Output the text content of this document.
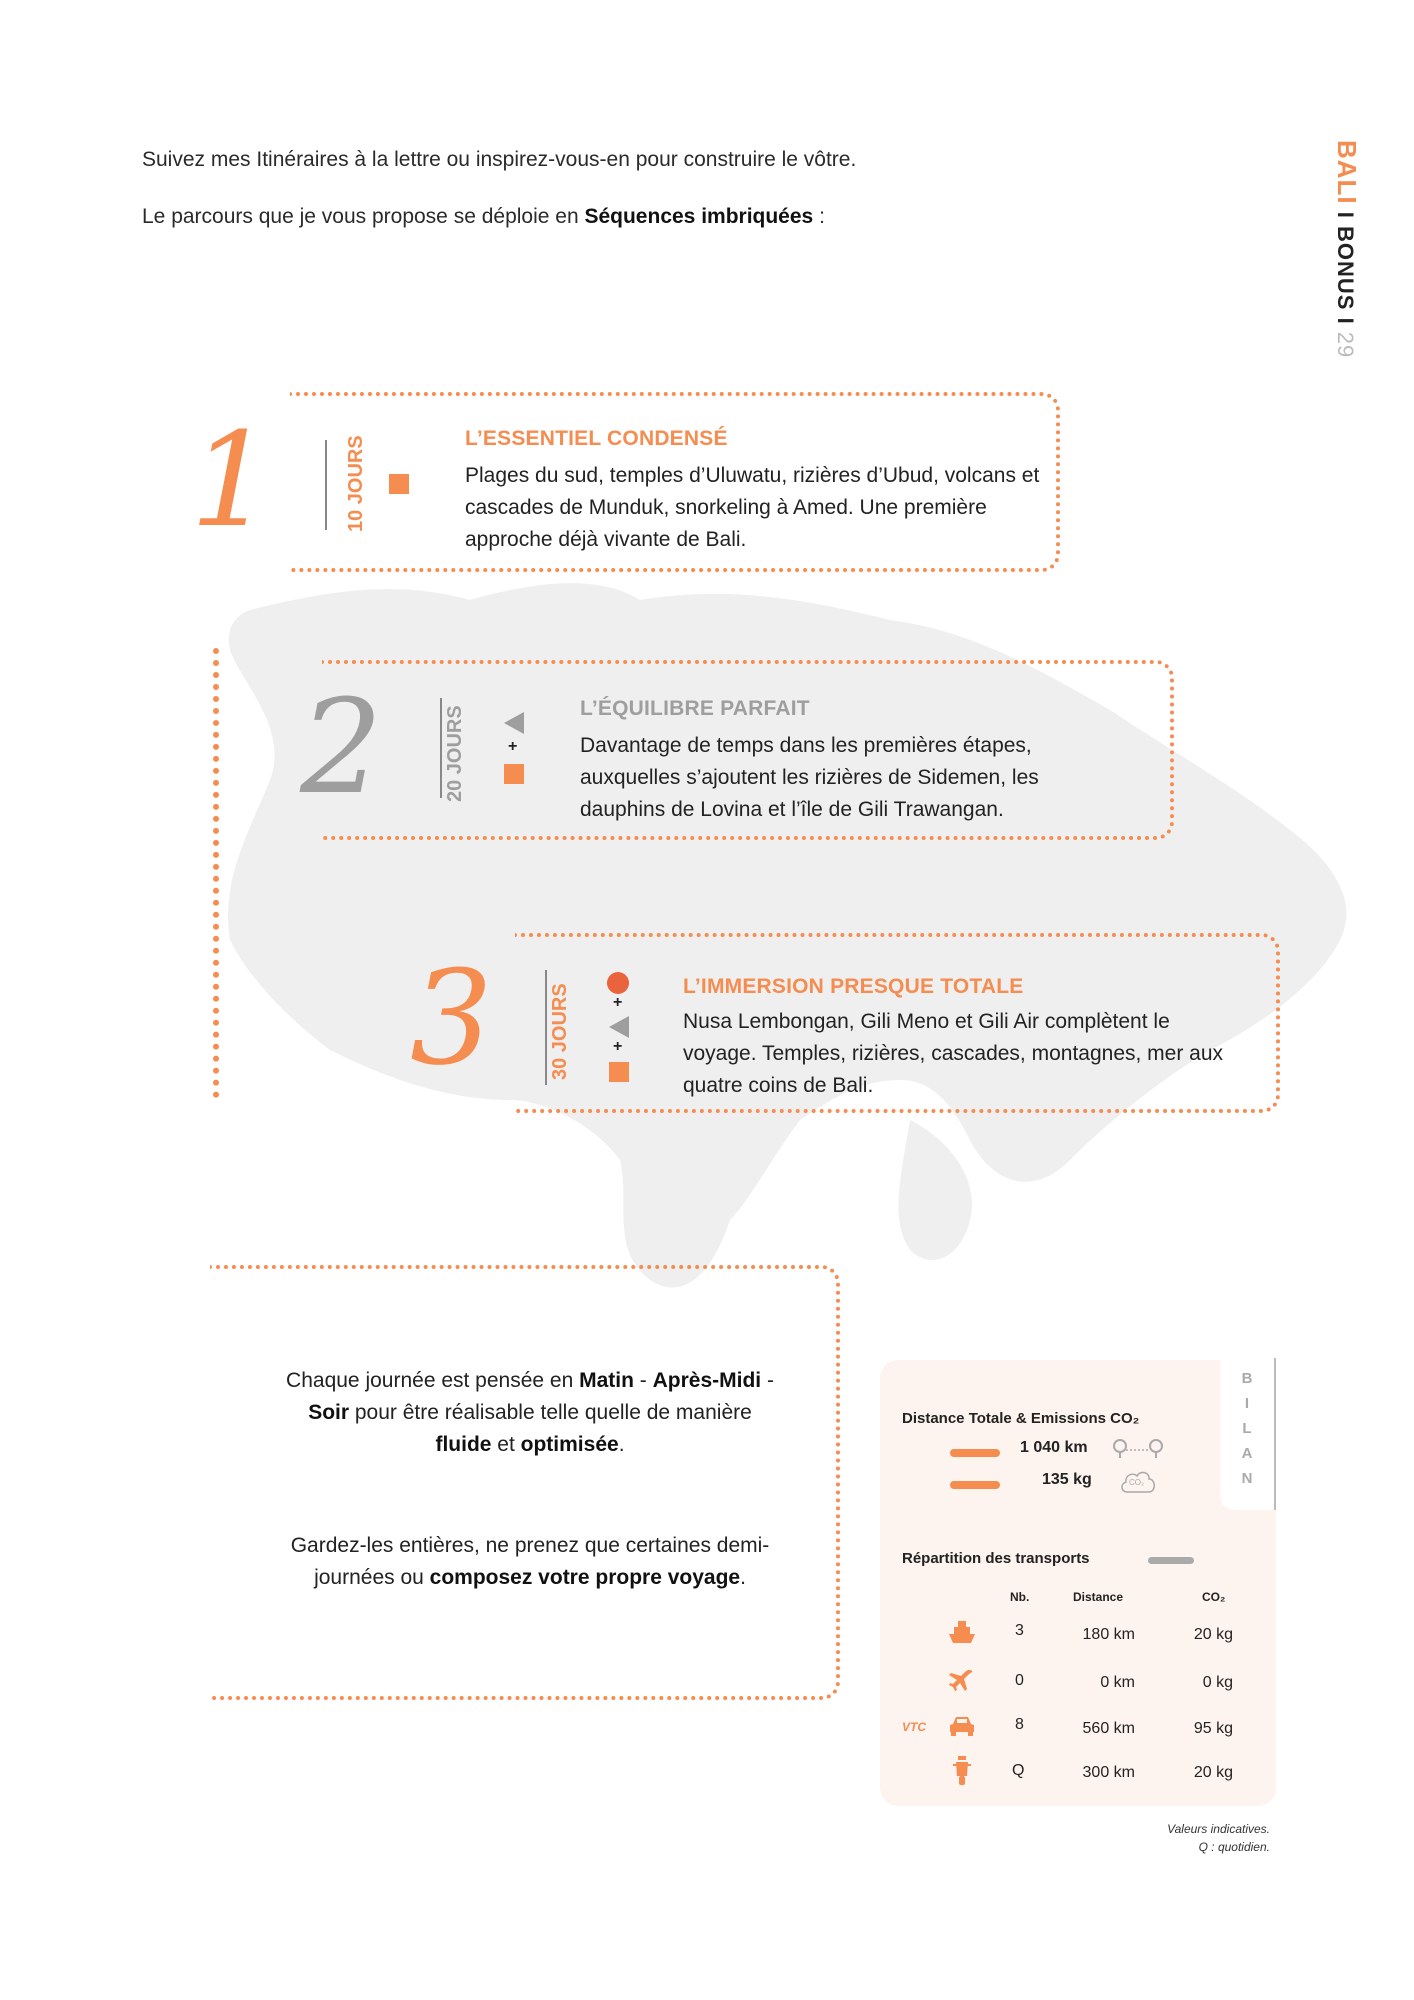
BALI I BONUS I 29

Suivez mes Itinéraires à la lettre ou inspirez-vous-en pour construire le vôtre.

Le parcours que je vous propose se déploie en Séquences imbriquées :

1	10 JOURS	L’ESSENTIEL CONDENSÉ
Plages du sud, temples d’Uluwatu, rizières d’Ubud, volcans et cascades de Munduk, snorkeling à Amed. Une première approche déjà vivante de Bali.
2	20 JOURS	+
L’ÉQUILIBRE PARFAIT
Davantage de temps dans les premières étapes, auxquelles s’ajoutent les rizières de Sidemen, les dauphins de Lovina et l’île de Gili Trawangan.
3	30 JOURS	+
+
L’IMMERSION PRESQUE TOTALE
Nusa Lembongan, Gili Meno et Gili Air complètent le voyage. Temples, rizières, cascades, montagnes, mer aux quatre coins de Bali.

Chaque journée est pensée en Matin - Après-Midi - Soir pour être réalisable telle quelle de manière fluide et optimisée.

Gardez-les entières, ne prenez que certaines demi-journées ou composez votre propre voyage.

B
I
L
A
N
Distance Totale & Emissions CO₂
1 040 km
135 kg	CO₂
Répartition des transports
Nb.	Distance	CO₂
3	180 km	20 kg
0	0 km	0 kg
VTC	8	560 km	95 kg
Q	300 km	20 kg
Valeurs indicatives.
Q : quotidien.
